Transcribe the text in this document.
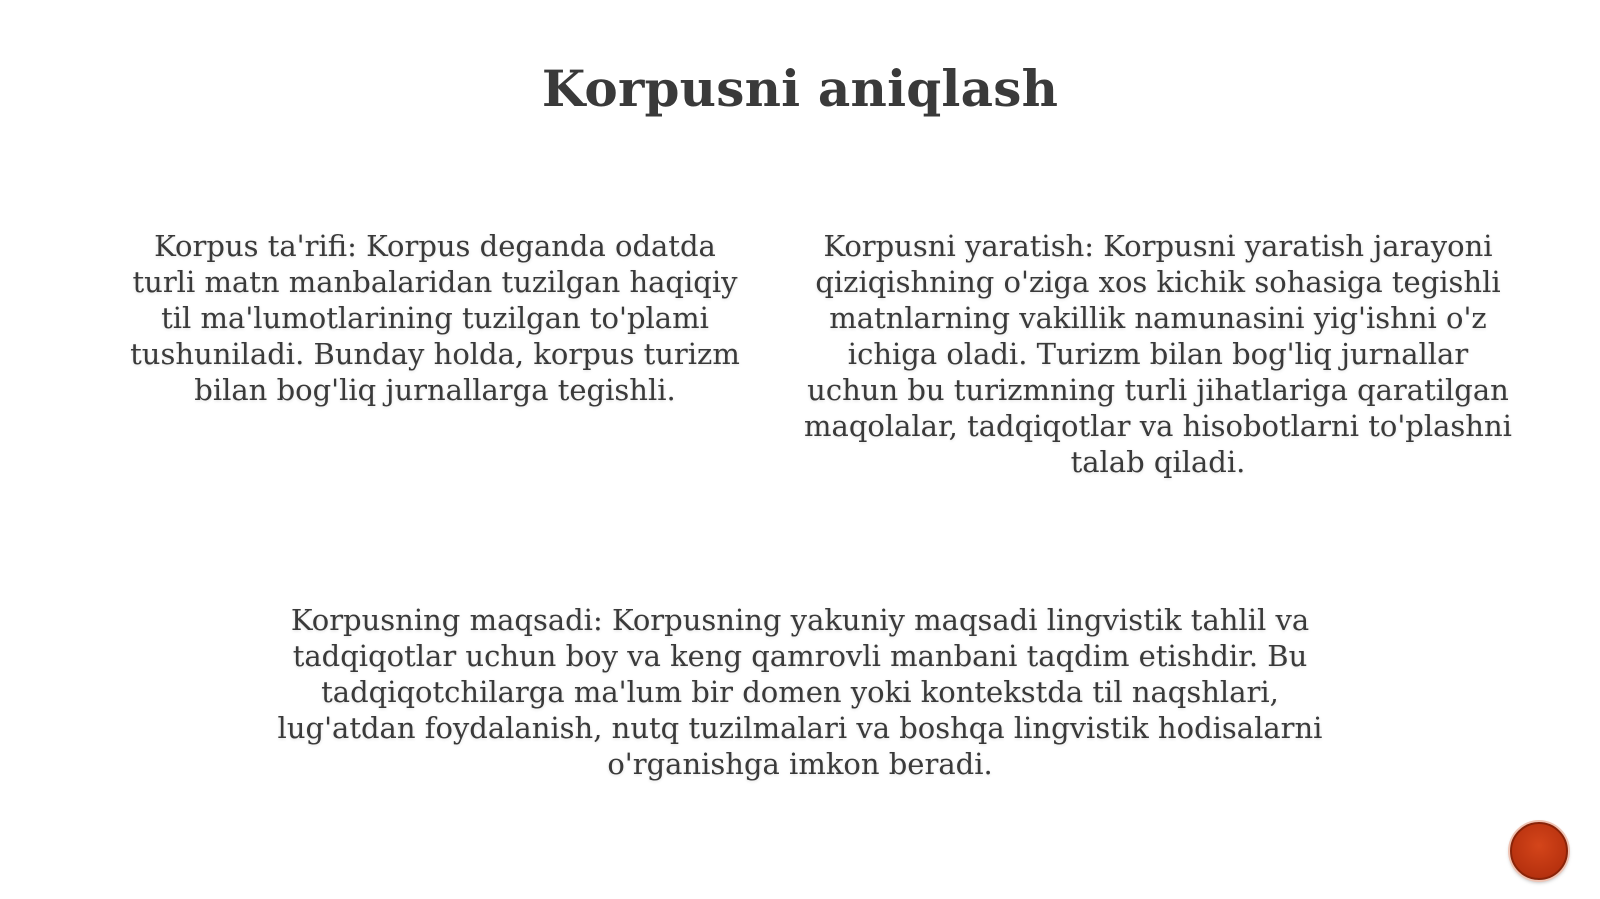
Korpusni aniqlash
Korpus ta'rifi: Korpus deganda odatda turli matn manbalaridan tuzilgan haqiqiy til ma'lumotlarining tuzilgan to'plami tushuniladi. Bunday holda, korpus turizm bilan bog'liq jurnallarga tegishli.
Korpusni yaratish: Korpusni yaratish jarayoni qiziqishning o'ziga xos kichik sohasiga tegishli matnlarning vakillik namunasini yig'ishni o'z ichiga oladi. Turizm bilan bog'liq jurnallar uchun bu turizmning turli jihatlariga qaratilgan maqolalar, tadqiqotlar va hisobotlarni to'plashni talab qiladi.
Korpusning maqsadi: Korpusning yakuniy maqsadi lingvistik tahlil va tadqiqotlar uchun boy va keng qamrovli manbani taqdim etishdir. Bu tadqiqotchilarga ma'lum bir domen yoki kontekstda til naqshlari, lug'atdan foydalanish, nutq tuzilmalari va boshqa lingvistik hodisalarni o'rganishga imkon beradi.
